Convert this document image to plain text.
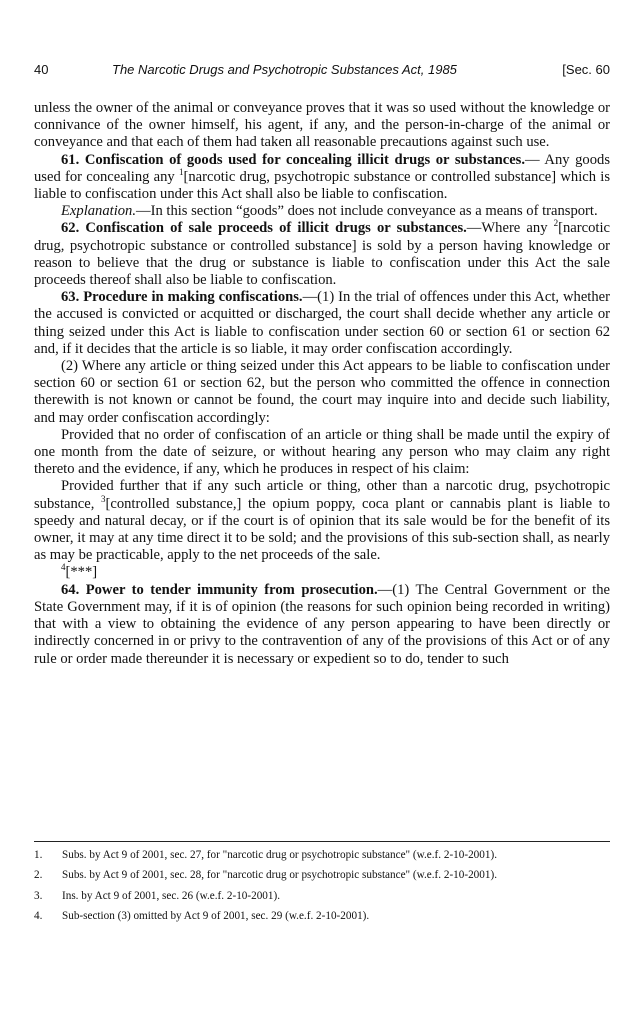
40	The Narcotic Drugs and Psychotropic Substances Act, 1985	[Sec. 60

unless the owner of the animal or conveyance proves that it was so used without the knowledge or connivance of the owner himself, his agent, if any, and the person-in-charge of the animal or conveyance and that each of them had taken all reasonable precautions against such use.

61. Confiscation of goods used for concealing illicit drugs or substances.— Any goods used for concealing any $^1$[narcotic drug, psychotropic substance or controlled substance] which is liable to confiscation under this Act shall also be liable to confiscation.

Explanation.—In this section “goods” does not include conveyance as a means of transport.

62. Confiscation of sale proceeds of illicit drugs or substances.—Where any $^2$[narcotic drug, psychotropic substance or controlled substance] is sold by a person having knowledge or reason to believe that the drug or substance is liable to confiscation under this Act the sale proceeds thereof shall also be liable to confiscation.

63. Procedure in making confiscations.—(1) In the trial of offences under this Act, whether the accused is convicted or acquitted or discharged, the court shall decide whether any article or thing seized under this Act is liable to confiscation under section 60 or section 61 or section 62 and, if it decides that the article is so liable, it may order confiscation accordingly.

(2) Where any article or thing seized under this Act appears to be liable to confiscation under section 60 or section 61 or section 62, but the person who committed the offence in connection therewith is not known or cannot be found, the court may inquire into and decide such liability, and may order confiscation accordingly:

Provided that no order of confiscation of an article or thing shall be made until the expiry of one month from the date of seizure, or without hearing any person who may claim any right thereto and the evidence, if any, which he produces in respect of his claim:

Provided further that if any such article or thing, other than a narcotic drug, psychotropic substance, $^3$[controlled substance,] the opium poppy, coca plant or cannabis plant is liable to speedy and natural decay, or if the court is of opinion that its sale would be for the benefit of its owner, it may at any time direct it to be sold; and the provisions of this sub-section shall, as nearly as may be practicable, apply to the net proceeds of the sale.

$^4$[***]

64. Power to tender immunity from prosecution.—(1) The Central Government or the State Government may, if it is of opinion (the reasons for such opinion being recorded in writing) that with a view to obtaining the evidence of any person appearing to have been directly or indirectly concerned in or privy to the contravention of any of the provisions of this Act or of any rule or order made thereunder it is necessary or expedient so to do, tender to such

1.	Subs. by Act 9 of 2001, sec. 27, for "narcotic drug or psychotropic substance" (w.e.f. 2-10-2001).
2.	Subs. by Act 9 of 2001, sec. 28, for "narcotic drug or psychotropic substance" (w.e.f. 2-10-2001).
3.	Ins. by Act 9 of 2001, sec. 26 (w.e.f. 2-10-2001).
4.	Sub-section (3) omitted by Act 9 of 2001, sec. 29 (w.e.f. 2-10-2001).
